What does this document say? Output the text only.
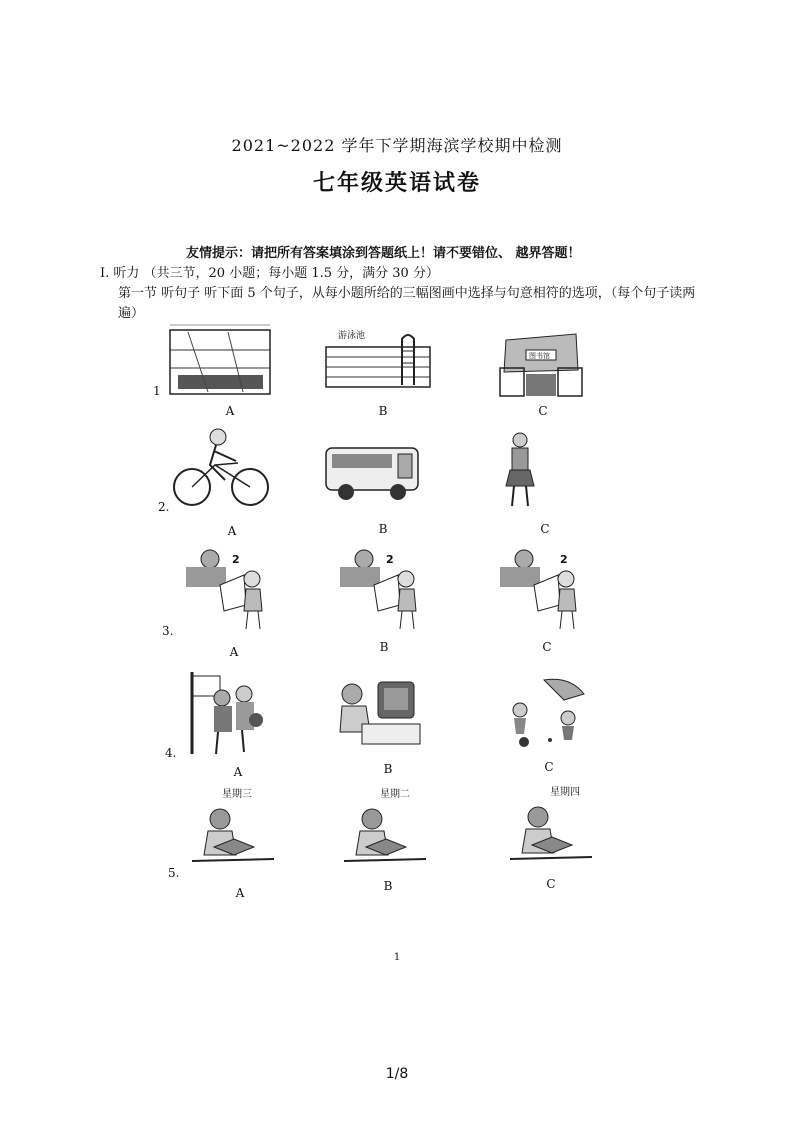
2021~2022 学年下学期海滨学校期中检测
七年级英语试卷
友情提示：请把所有答案填涂到答题纸上！请不要错位、 越界答题！
I. 听力 （共三节，20 小题；每小题 1.5 分，满分 30 分）
第一节 听句子 听下面 5 个句子，从每小题所给的三幅图画中选择与句意相符的选项，（每个句子读两遍）
1
A
游泳池
B
图书馆
C
2.
A	B	C
3.
2
A
2
B
2
C
4.
A	B	C
5.
星期三
A
星期二
B
星期四
C
1
1/8
